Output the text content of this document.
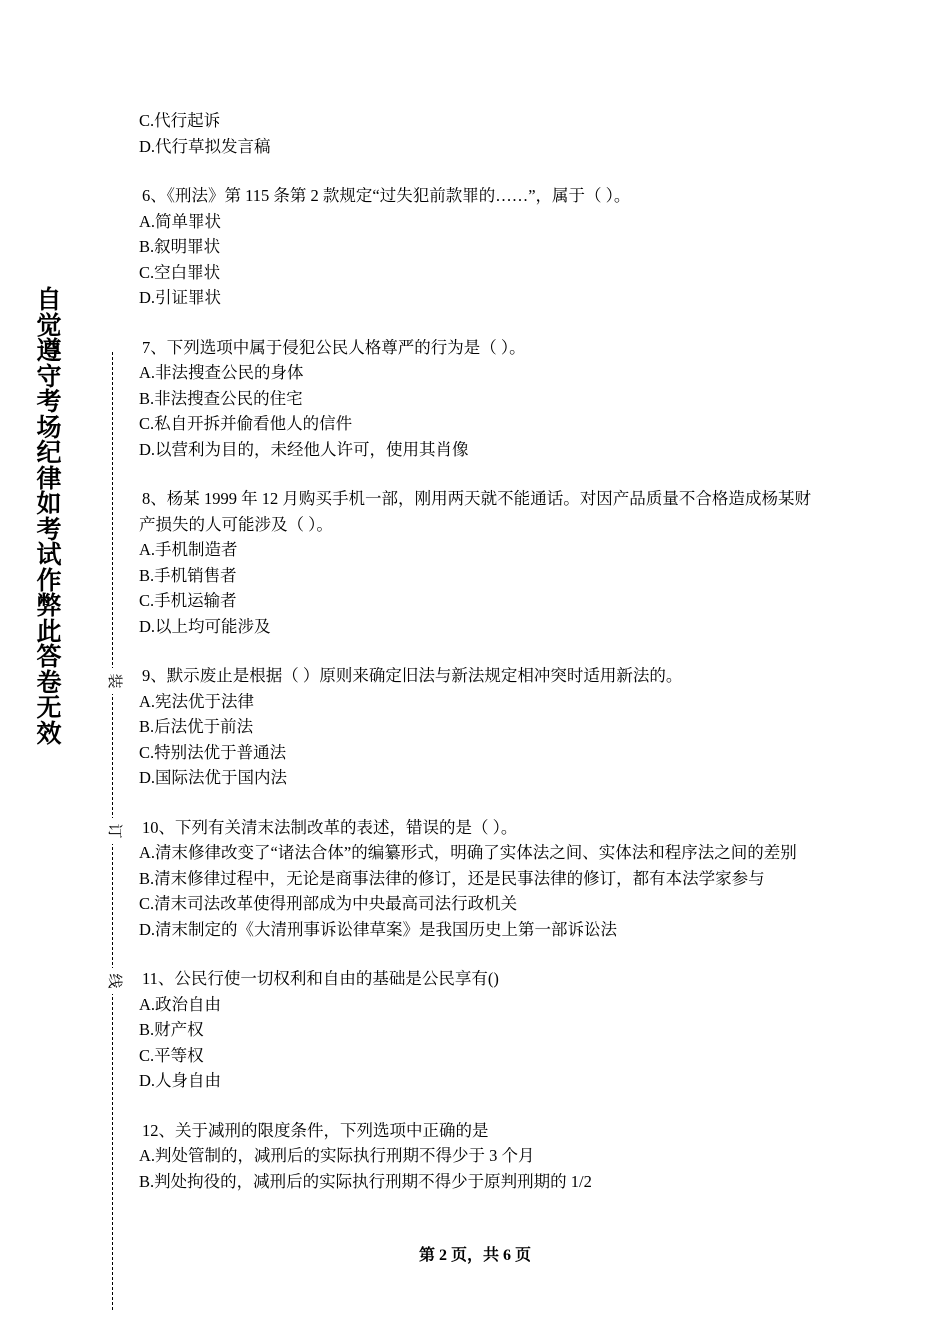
自觉遵守考场纪律如考试作弊此答卷无效
装
订
线
C.代行起诉
D.代行草拟发言稿
6、《刑法》第 115 条第 2 款规定“过失犯前款罪的……”，属于（ ）。
A.简单罪状
B.叙明罪状
C.空白罪状
D.引证罪状
7、下列选项中属于侵犯公民人格尊严的行为是（ ）。
A.非法搜查公民的身体
B.非法搜查公民的住宅
C.私自开拆并偷看他人的信件
D.以营利为目的，未经他人许可，使用其肖像
8、杨某 1999 年 12 月购买手机一部，刚用两天就不能通话。对因产品质量不合格造成杨某财产损失的人可能涉及（ ）。
A.手机制造者
B.手机销售者
C.手机运输者
D.以上均可能涉及
9、默示废止是根据（ ）原则来确定旧法与新法规定相冲突时适用新法的。
A.宪法优于法律
B.后法优于前法
C.特别法优于普通法
D.国际法优于国内法
10、下列有关清末法制改革的表述，错误的是（ ）。
A.清末修律改变了“诸法合体”的编纂形式，明确了实体法之间、实体法和程序法之间的差别
B.清末修律过程中，无论是商事法律的修订，还是民事法律的修订，都有本法学家参与
C.清末司法改革使得刑部成为中央最高司法行政机关
D.清末制定的《大清刑事诉讼律草案》是我国历史上第一部诉讼法
11、公民行使一切权利和自由的基础是公民享有()
A.政治自由
B.财产权
C.平等权
D.人身自由
12、关于减刑的限度条件，下列选项中正确的是
A.判处管制的，减刑后的实际执行刑期不得少于 3 个月
B.判处拘役的，减刑后的实际执行刑期不得少于原判刑期的 1/2
第 2 页，共 6 页
